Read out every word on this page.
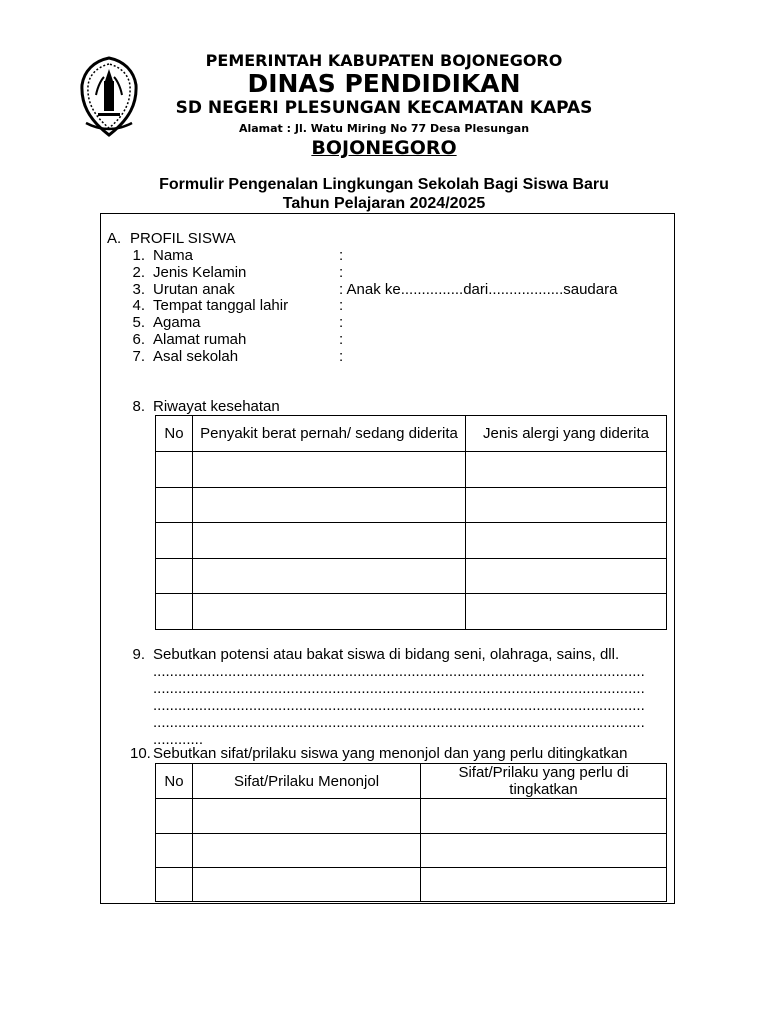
PEMERINTAH KABUPATEN BOJONEGORO
DINAS PENDIDIKAN
SD NEGERI PLESUNGAN KECAMATAN KAPAS
Alamat : Jl. Watu Miring No 77 Desa Plesungan
BOJONEGORO
Formulir Pengenalan Lingkungan Sekolah Bagi Siswa Baru
Tahun Pelajaran 2024/2025
A. PROFIL SISWA
1. Nama	:
2. Jenis Kelamin	:
3. Urutan anak	: Anak ke...............dari..................saudara
4. Tempat tanggal lahir	:
5. Agama	:
6. Alamat rumah	:
7. Asal sekolah	:
8. Riwayat kesehatan
No	Penyakit berat pernah/ sedang diderita	Jenis alergi yang diderita

9. Sebutkan potensi atau bakat siswa di bidang seni, olahraga, sains, dll.
......................................................................................................................
......................................................................................................................
......................................................................................................................
......................................................................................................................
............
10. Sebutkan sifat/prilaku siswa yang menonjol dan yang perlu ditingkatkan
No	Sifat/Prilaku Menonjol	Sifat/Prilaku yang perlu di tingkatkan
